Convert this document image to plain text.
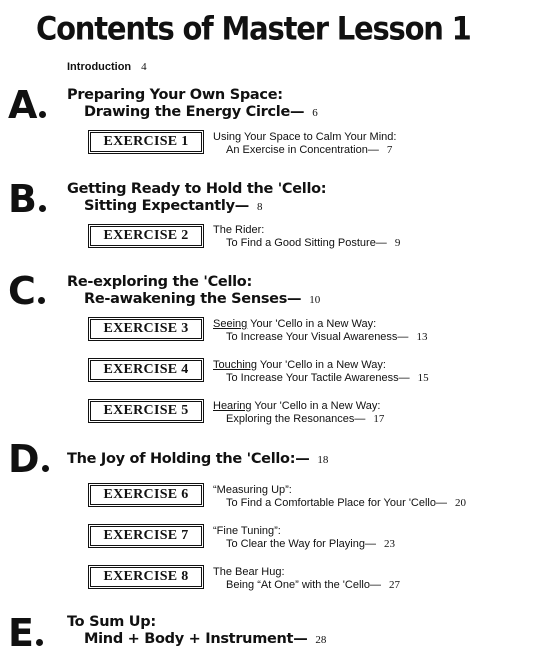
Contents of Master Lesson 1
Introduction 4
A	Preparing Your Own Space:
Drawing the Energy Circle— 6
EXERCISE 1	Using Your Space to Calm Your Mind:
An Exercise in Concentration— 7
B	Getting Ready to Hold the 'Cello:
Sitting Expectantly— 8
EXERCISE 2	The Rider:
To Find a Good Sitting Posture— 9
C	Re-exploring the 'Cello:
Re-awakening the Senses— 10
EXERCISE 3	Seeing Your 'Cello in a New Way:
To Increase Your Visual Awareness— 13
EXERCISE 4	Touching Your 'Cello in a New Way:
To Increase Your Tactile Awareness— 15
EXERCISE 5	Hearing Your 'Cello in a New Way:
Exploring the Resonances— 17
D	The Joy of Holding the 'Cello:— 18
EXERCISE 6	“Measuring Up”:
To Find a Comfortable Place for Your 'Cello— 20
EXERCISE 7	“Fine Tuning”:
To Clear the Way for Playing— 23
EXERCISE 8	The Bear Hug:
Being “At One” with the 'Cello— 27
E	To Sum Up:
Mind + Body + Instrument— 28
